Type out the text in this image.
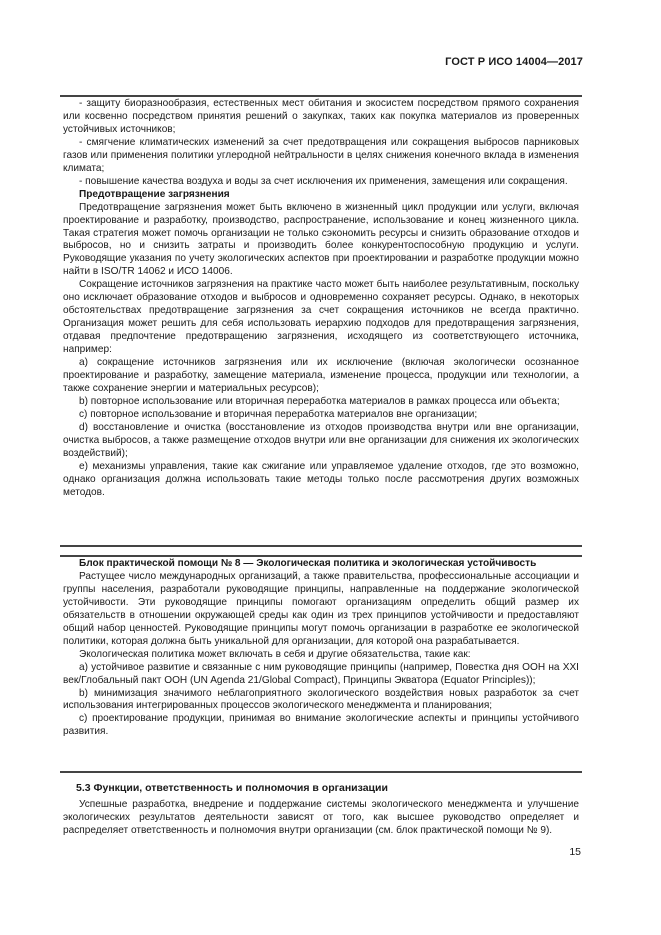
ГОСТ Р ИСО 14004—2017

- защиту биоразнообразия, естественных мест обитания и экосистем посредством прямого сохранения или косвенно посредством принятия решений о закупках, таких как покупка материалов из проверенных устойчивых источников;

- смягчение климатических изменений за счет предотвращения или сокращения выбросов парниковых газов или применения политики углеродной нейтральности в целях снижения конечного вклада в изменения климата;

- повышение качества воздуха и воды за счет исключения их применения, замещения или сокращения.

Предотвращение загрязнения

Предотвращение загрязнения может быть включено в жизненный цикл продукции или услуги, включая проектирование и разработку, производство, распространение, использование и конец жизненного цикла. Такая стратегия может помочь организации не только сэкономить ресурсы и снизить образование отходов и выбросов, но и снизить затраты и производить более конкурентоспособную продукцию и услуги. Руководящие указания по учету экологических аспектов при проектировании и разработке продукции можно найти в ISO/TR 14062 и ИСО 14006.

Сокращение источников загрязнения на практике часто может быть наиболее результативным, поскольку оно исключает образование отходов и выбросов и одновременно сохраняет ресурсы. Однако, в некоторых обстоятельствах предотвращение загрязнения за счет сокращения источников не всегда практично. Организация может решить для себя использовать иерархию подходов для предотвращения загрязнения, отдавая предпочтение предотвращению загрязнения, исходящего из соответствующего источника, например:

а) сокращение источников загрязнения или их исключение (включая экологически осознанное проектирование и разработку, замещение материала, изменение процесса, продукции или технологии, а также сохранение энергии и материальных ресурсов);

b) повторное использование или вторичная переработка материалов в рамках процесса или объекта;

c) повторное использование и вторичная переработка материалов вне организации;

d) восстановление и очистка (восстановление из отходов производства внутри или вне организации, очистка выбросов, а также размещение отходов внутри или вне организации для снижения их экологических воздействий);

e) механизмы управления, такие как сжигание или управляемое удаление отходов, где это возможно, однако организация должна использовать такие методы только после рассмотрения других возможных методов.

Блок практической помощи № 8 — Экологическая политика и экологическая устойчивость

Растущее число международных организаций, а также правительства, профессиональные ассоциации и группы населения, разработали руководящие принципы, направленные на поддержание экологической устойчивости. Эти руководящие принципы помогают организациям определить общий размер их обязательств в отношении окружающей среды как один из трех принципов устойчивости и предоставляют общий набор ценностей. Руководящие принципы могут помочь организации в разработке ее экологической политики, которая должна быть уникальной для организации, для которой она разрабатывается.

Экологическая политика может включать в себя и другие обязательства, такие как:

a) устойчивое развитие и связанные с ним руководящие принципы (например, Повестка дня ООН на XXI век/Глобальный пакт ООН (UN Agenda 21/Global Compact), Принципы Экватора (Equator Principles));

b) минимизация значимого неблагоприятного экологического воздействия новых разработок за счет использования интегрированных процессов экологического менеджмента и планирования;

c) проектирование продукции, принимая во внимание экологические аспекты и принципы устойчивого развития.

5.3 Функции, ответственность и полномочия в организации

Успешные разработка, внедрение и поддержание системы экологического менеджмента и улучшение экологических результатов деятельности зависят от того, как высшее руководство определяет и распределяет ответственность и полномочия внутри организации (см. блок практической помощи № 9).

15
